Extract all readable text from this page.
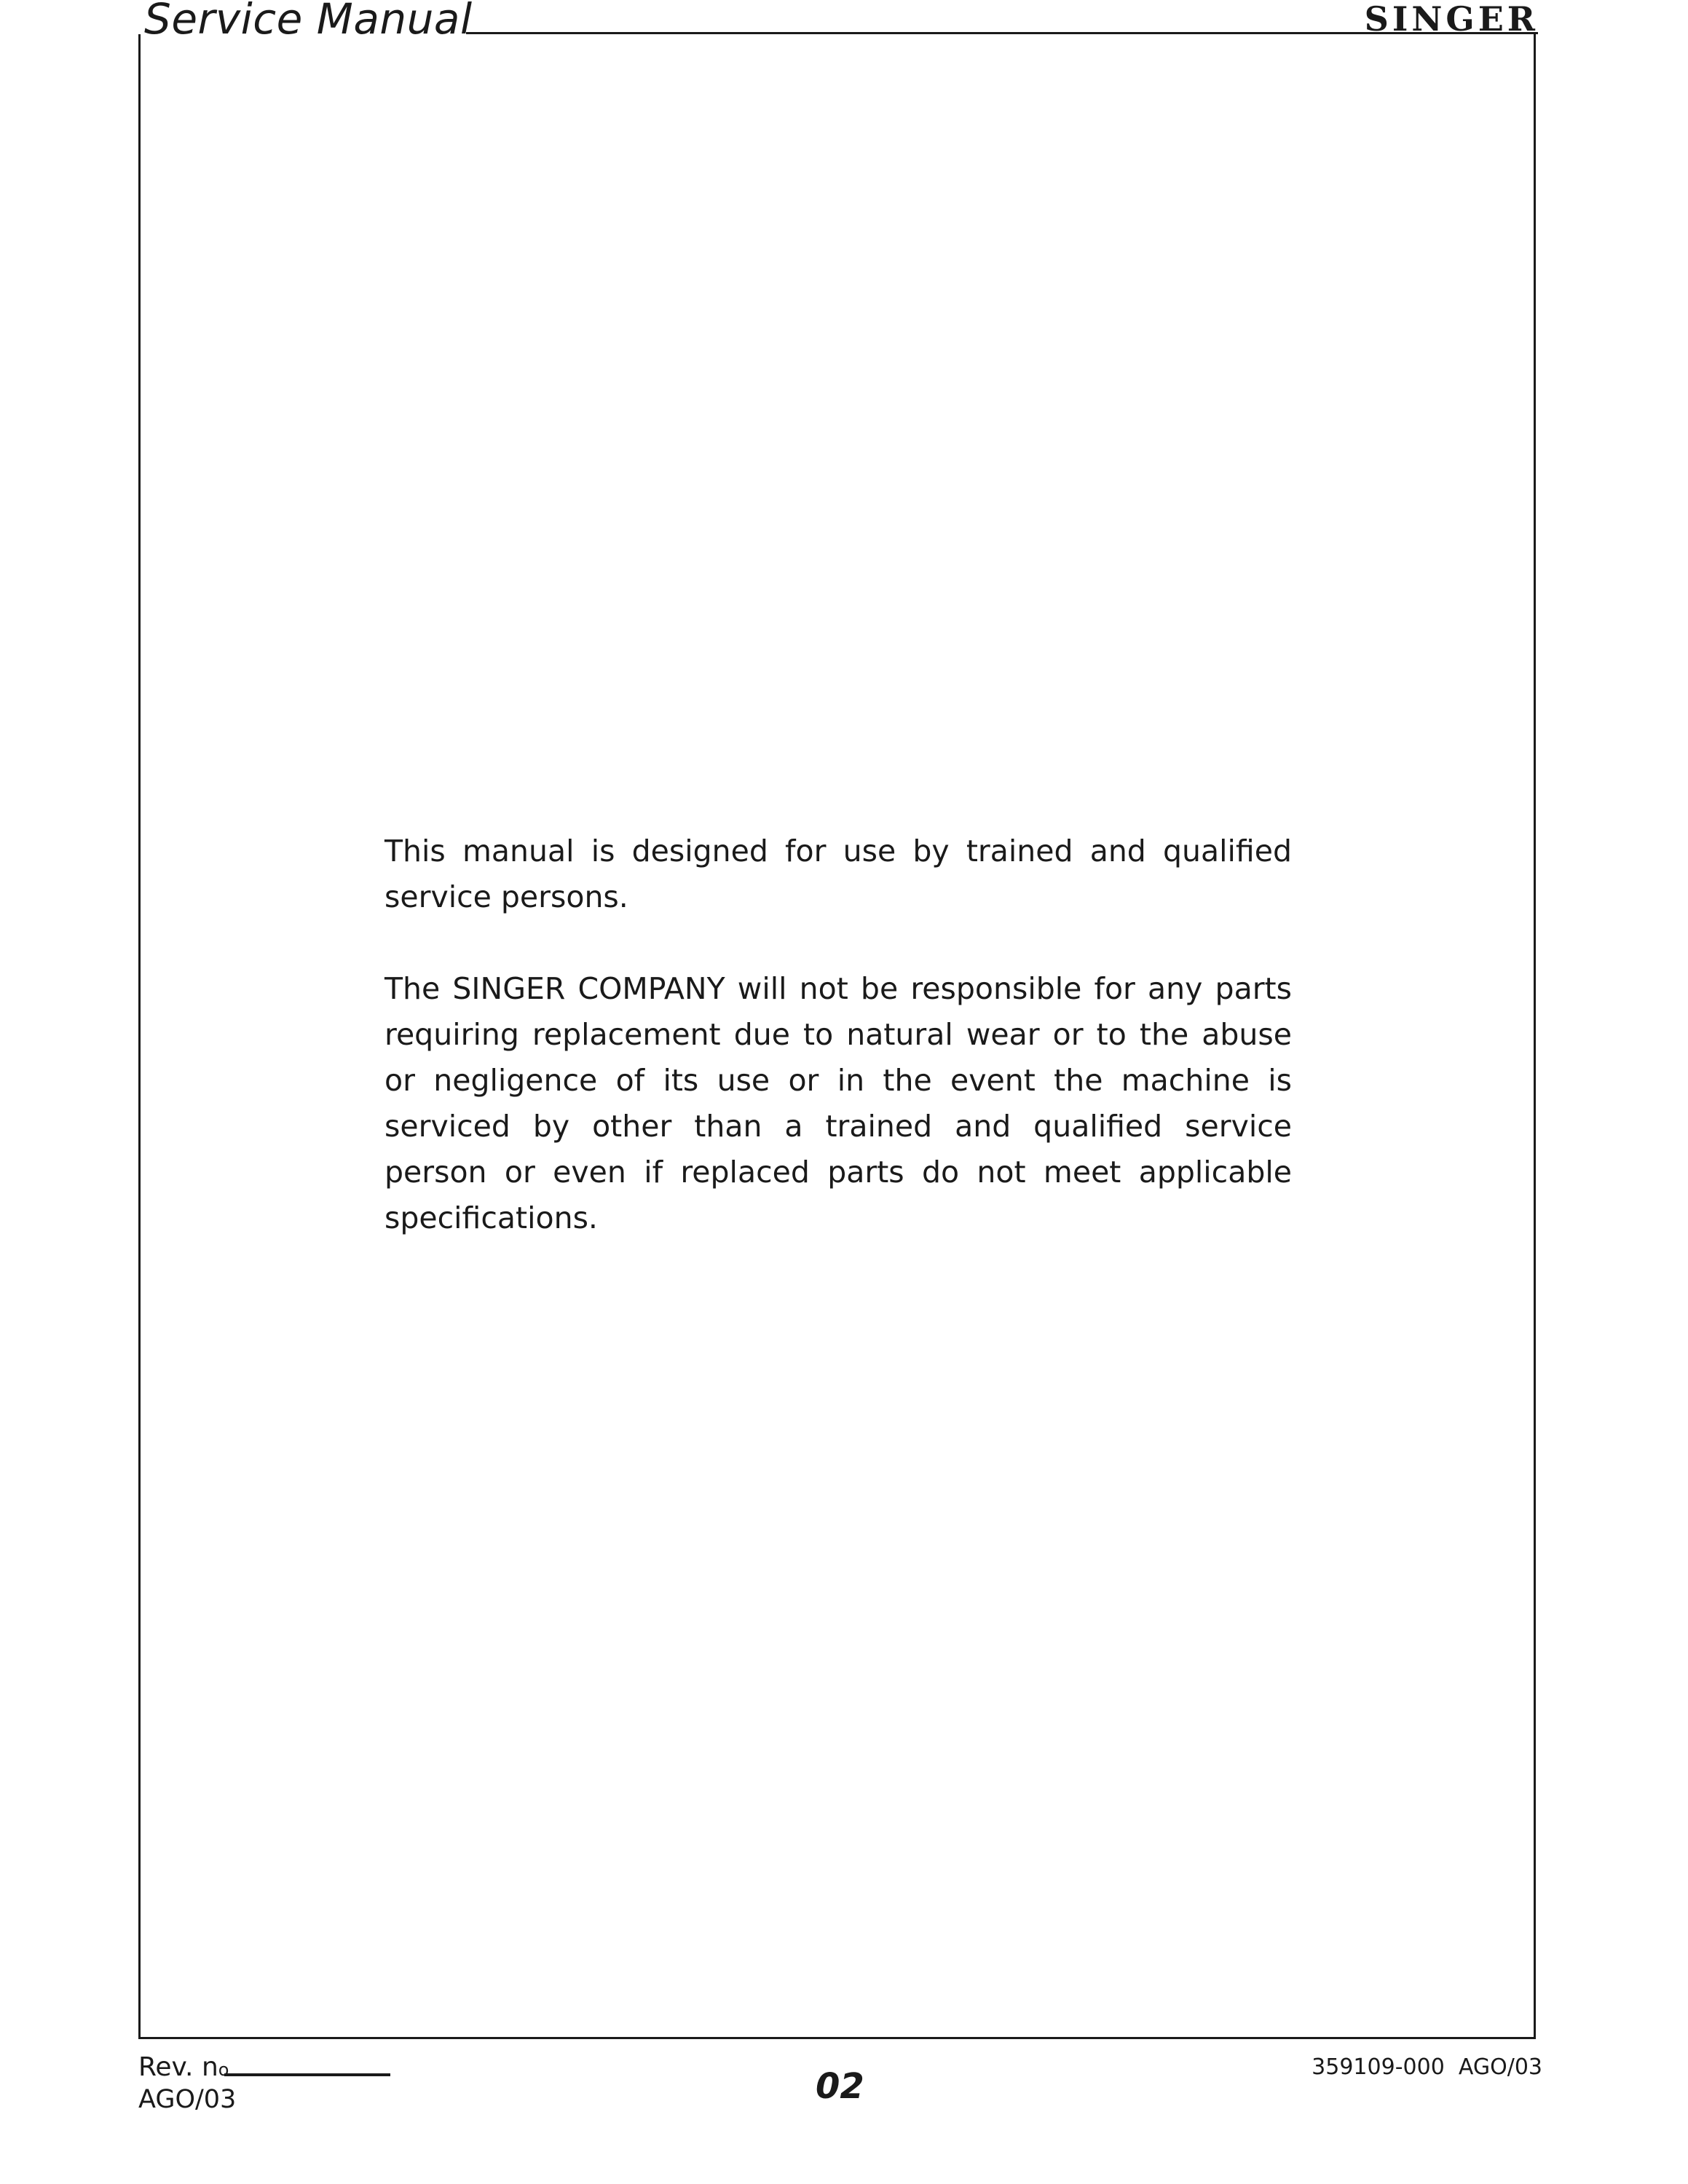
Service Manual	SINGER

This manual is designed for use by trained and qualified service persons.

The SINGER COMPANY will not be responsible for any parts requiring replacement due to natural wear or to the abuse or negligence of its use or in the event the machine is serviced by other than a trained and qualified service person or even if replaced parts do not meet applicable specifications.

Rev. no
AGO/03	02	359109-000 AGO/03
